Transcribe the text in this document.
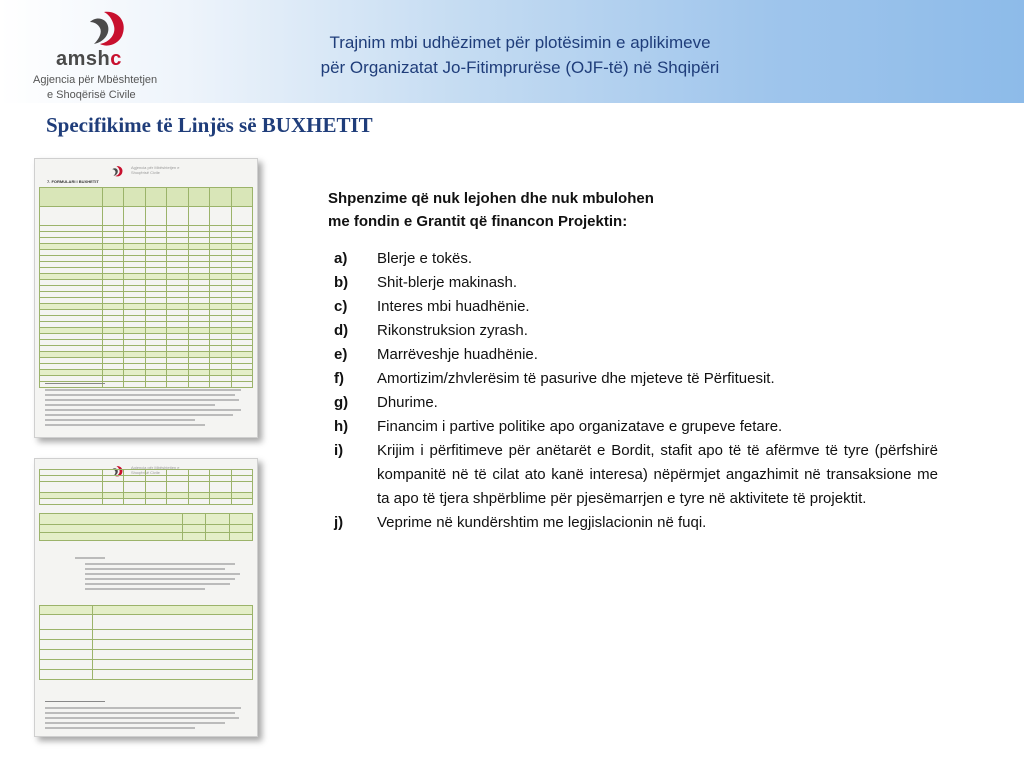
amshc
Agjencia për Mbështetjen
e Shoqërisë Civile
Trajnim mbi udhëzimet për plotësimin e aplikimeve
për Organizatat Jo-Fitimprurëse (OJF-të) në Shqipëri
Specifikime të Linjës së BUXHETIT
Agjencia për Mbështetjen e Shoqërisë Civile
7. FORMULARI I BUXHETIT

Agjencia për Mbështetjen e Shoqërisë Civile

Shpenzime që nuk lejohen dhe nuk mbulohen
me fondin e Grantit që financon Projektin:
a) Blerje e tokës.
b) Shit-blerje makinash.
c) Interes mbi huadhënie.
d) Rikonstruksion zyrash.
e) Marrëveshje huadhënie.
f) Amortizim/zhvlerësim të pasurive dhe mjeteve të Përfituesit.
g) Dhurime.
h) Financim i partive politike apo organizatave e grupeve fetare.
i) Krijim i përfitimeve për anëtarët e Bordit, stafit apo të të afërmve të tyre (përfshirë kompanitë në të cilat ato kanë interesa) nëpërmjet angazhimit në transaksione me ta apo të tjera shpërblime për pjesëmarrjen e tyre në aktivitete të projektit.
j) Veprime në kundërshtim me legjislacionin në fuqi.
